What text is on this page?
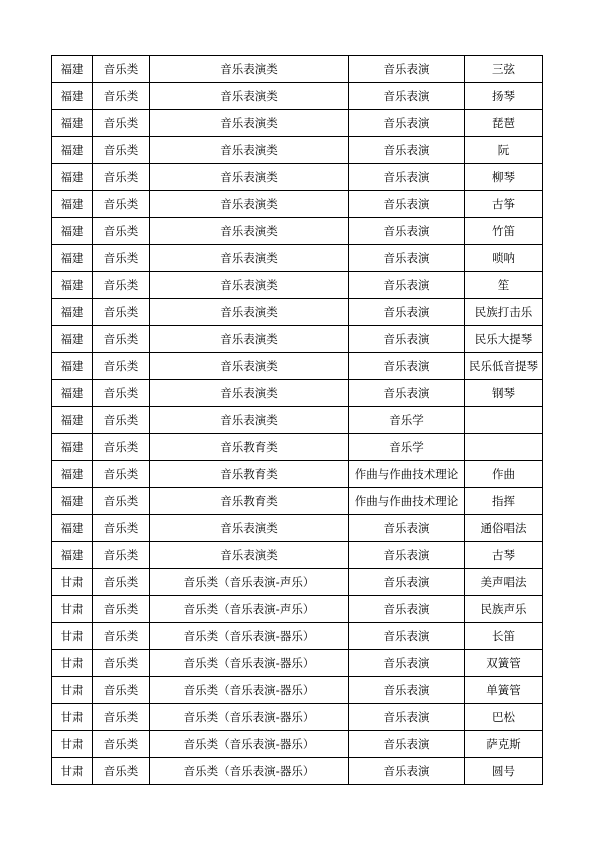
福建	音乐类	音乐表演类	音乐表演	三弦
福建	音乐类	音乐表演类	音乐表演	扬琴
福建	音乐类	音乐表演类	音乐表演	琵琶
福建	音乐类	音乐表演类	音乐表演	阮
福建	音乐类	音乐表演类	音乐表演	柳琴
福建	音乐类	音乐表演类	音乐表演	古筝
福建	音乐类	音乐表演类	音乐表演	竹笛
福建	音乐类	音乐表演类	音乐表演	唢呐
福建	音乐类	音乐表演类	音乐表演	笙
福建	音乐类	音乐表演类	音乐表演	民族打击乐
福建	音乐类	音乐表演类	音乐表演	民乐大提琴
福建	音乐类	音乐表演类	音乐表演	民乐低音提琴
福建	音乐类	音乐表演类	音乐表演	钢琴
福建	音乐类	音乐表演类	音乐学	
福建	音乐类	音乐教育类	音乐学	
福建	音乐类	音乐教育类	作曲与作曲技术理论	作曲
福建	音乐类	音乐教育类	作曲与作曲技术理论	指挥
福建	音乐类	音乐表演类	音乐表演	通俗唱法
福建	音乐类	音乐表演类	音乐表演	古琴
甘肃	音乐类	音乐类（音乐表演-声乐）	音乐表演	美声唱法
甘肃	音乐类	音乐类（音乐表演-声乐）	音乐表演	民族声乐
甘肃	音乐类	音乐类（音乐表演-器乐）	音乐表演	长笛
甘肃	音乐类	音乐类（音乐表演-器乐）	音乐表演	双簧管
甘肃	音乐类	音乐类（音乐表演-器乐）	音乐表演	单簧管
甘肃	音乐类	音乐类（音乐表演-器乐）	音乐表演	巴松
甘肃	音乐类	音乐类（音乐表演-器乐）	音乐表演	萨克斯
甘肃	音乐类	音乐类（音乐表演-器乐）	音乐表演	圆号
